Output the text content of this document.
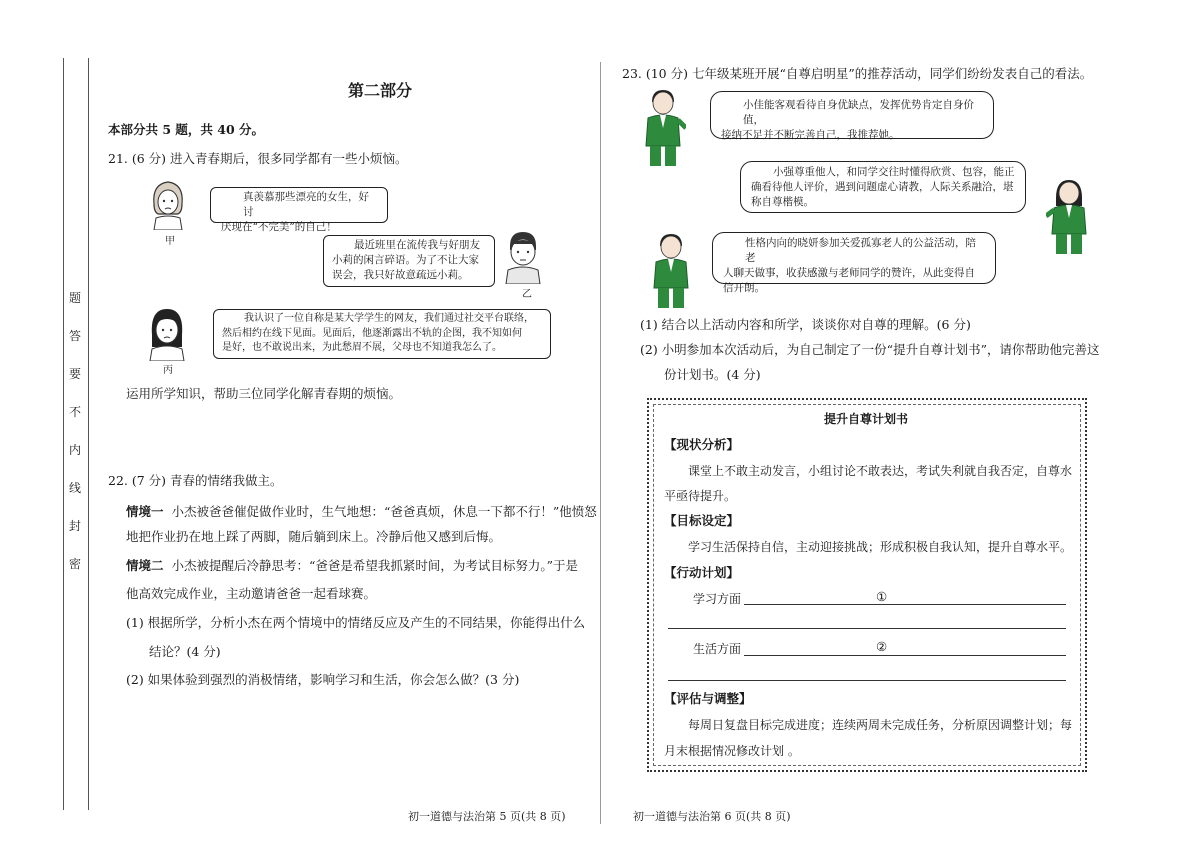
题
答
要
不
内
线
封
密
第二部分
本部分共 5 题，共 40 分。
21. (6 分) 进入青春期后，很多同学都有一些小烦恼。
甲
真羡慕那些漂亮的女生，好讨
厌现在“不完美”的自己！
最近班里在流传我与好朋友
小莉的闲言碎语。为了不让大家
误会，我只好故意疏远小莉。
乙
丙
我认识了一位自称是某大学学生的网友，我们通过社交平台联络，
然后相约在线下见面。见面后，他逐渐露出不轨的企图，我不知如何
是好，也不敢说出来，为此愁眉不展，父母也不知道我怎么了。
运用所学知识，帮助三位同学化解青春期的烦恼。
22. (7 分) 青春的情绪我做主。
情境一 小杰被爸爸催促做作业时，生气地想：“爸爸真烦，休息一下都不行！”他愤怒
地把作业扔在地上踩了两脚，随后躺到床上。冷静后他又感到后悔。
情境二 小杰被提醒后冷静思考：“爸爸是希望我抓紧时间，为考试目标努力。”于是
他高效完成作业，主动邀请爸爸一起看球赛。
(1) 根据所学，分析小杰在两个情境中的情绪反应及产生的不同结果，你能得出什么
结论？(4 分)
(2) 如果体验到强烈的消极情绪，影响学习和生活，你会怎么做？(3 分)
初一道德与法治第 5 页(共 8 页)
23. (10 分) 七年级某班开展“自尊启明星”的推荐活动，同学们纷纷发表自己的看法。
小佳能客观看待自身优缺点，发挥优势肯定自身价值，
接纳不足并不断完善自己，我推荐她。
小强尊重他人，和同学交往时懂得欣赏、包容，能正
确看待他人评价，遇到问题虚心请教，人际关系融洽，堪
称自尊楷模。
性格内向的晓妍参加关爱孤寡老人的公益活动，陪老
人聊天做事，收获感激与老师同学的赞许，从此变得自
信开朗。
(1) 结合以上活动内容和所学，谈谈你对自尊的理解。(6 分)
(2) 小明参加本次活动后，为自己制定了一份“提升自尊计划书”，请你帮助他完善这
份计划书。(4 分)
提升自尊计划书
【现状分析】
课堂上不敢主动发言，小组讨论不敢表达，考试失利就自我否定，自尊水
平亟待提升。
【目标设定】
学习生活保持自信，主动迎接挑战；形成积极自我认知，提升自尊水平。
【行动计划】
学习方面	①
生活方面	②
【评估与调整】
每周日复盘目标完成进度；连续两周未完成任务，分析原因调整计划；每
月末根据情况修改计划 。
初一道德与法治第 6 页(共 8 页)
